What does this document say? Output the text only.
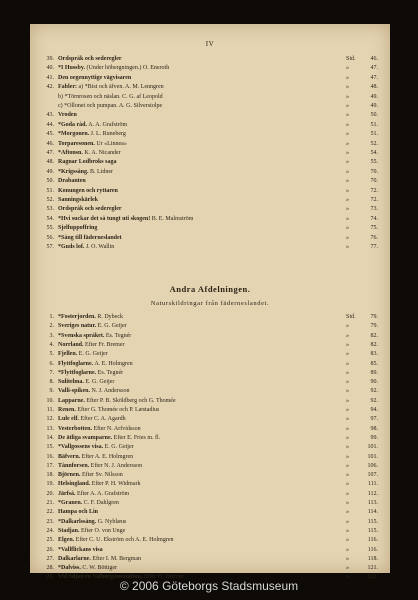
IV
39. Ordspråk och sederegler	Sid.	46.
40. *I Hussby. (Under höbergningen.) O. Eneroth	»	47.
41. Den oegennyttige vägvisaren	»	47.
42. Fabler: a) *Bist och äfven. A. M. Lenngren	»	48.
b) *Törnrosen och näslan. C. G. af Leopold	»	49.
c) *Ollonet och pumpan. A. G. Silverstolpe	»	49.
43. Vroden	»	50.
44. *Goda råd. A. A. Grafström	»	51.
45. *Morgonen. J. L. Runeberg	»	51.
46. Torparesonen. Ur «Linnea»	»	52.
47. *Aftonsn. K. A. Nicander	»	54.
48. Ragnar Lodbroks saga	»	55.
49. *Krigssång. B. Lidner	»	70.
50. Drabanten	»	70.
51. Konungen och ryttaren	»	72.
52. Sanningskärlek	»	72.
53. Ordspråk och sederegler	»	73.
54. *Hvi suckar det så tungt uti skogen! B. E. Malmström	»	74.
55. Sjelfuppoffring	»	75.
56. *Sång till fäderneslandet	»	76.
57. *Guds lof. J. O. Wallin	»	77.
Andra Afdelningen.
Naturskildringar från fäderneslandet.
1. *Fosterjorden. R. Dybeck	Sid.	79.
2. Sveriges natur. E. G. Geijer	»	79.
3. *Svenska språket. Es. Tegnér	»	82.
4. Norrland. Efter Fr. Bremer	»	82.
5. Fjellen. E. G. Geijer	»	83.
6. Flyttfoglarne. A. E. Holmgren	»	85.
7. *Flyttfoglarne. Es. Tegnér	»	89.
8. Sulitelma. E. G. Geijer	»	90.
9. Valli-spiken. N. J. Andersson	»	92.
10. Lapparne. Efter P. B. Sköldberg och G. Thomée	»	92.
11. Renen. Efter G. Thomée och P. Læstadius	»	94.
12. Lule elf. Efter C. A. Agardh	»	97.
13. Vesterbotten. Efter N. Arfvidsson	»	98.
14. De ätliga svamparne. Efter E. Fries m. fl.	»	99.
15. *Vallgossens visa. E. G. Geijer	»	101.
16. Bäfvern. Efter A. E. Holmgren	»	101.
17. Tånnforsen. Efter N. J. Andersson	»	106.
18. Björnen. Efter Sv. Nilsson	»	107.
19. Helsingland. Efter P. H. Widmark	»	111.
20. Järfså. Efter A. A. Grafström	»	112.
21. *Granen. C. F. Dahlgren	»	113.
22. Hampa och Lin	»	114.
23. *Dalkarlssång. G. Nyblæus	»	115.
24. Stadjan. Efter O. von Unge	»	115.
25. Elgen. Efter C. U. Ekström och A. E. Holmgren	»	116.
26. *Vallflickans visa	»	116.
27. Dalkarlarne. Efter I. M. Bergman	»	118.
28. *Dalviss. C. W. Böttiger	»	121.
29. Vid Siljan en Valborgsmessafton. Efter Fr. Bremer	»	122.
© 2006 Göteborgs Stadsmuseum
